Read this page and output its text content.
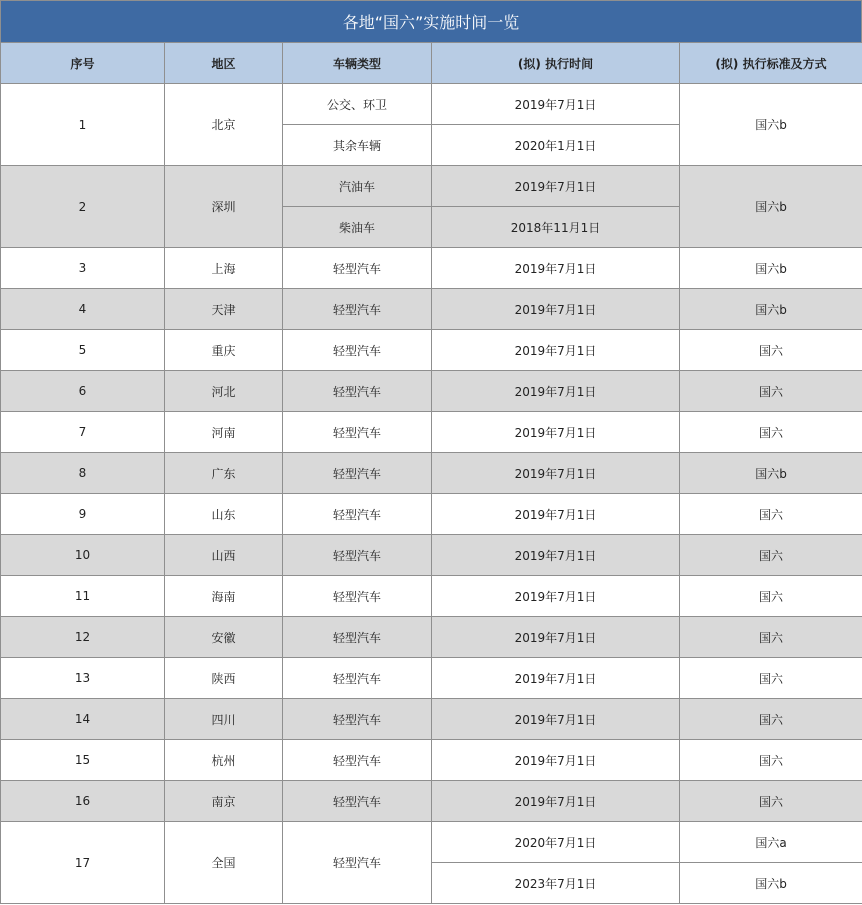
各地“国六”实施时间一览
序号	地区	车辆类型	(拟) 执行时间	(拟) 执行标准及方式
1	北京	公交、环卫	2019年7月1日	国六b
		其余车辆	2020年1月1日	
2	深圳	汽油车	2019年7月1日	国六b
		柴油车	2018年11月1日	
3	上海	轻型汽车	2019年7月1日	国六b
4	天津	轻型汽车	2019年7月1日	国六b
5	重庆	轻型汽车	2019年7月1日	国六
6	河北	轻型汽车	2019年7月1日	国六
7	河南	轻型汽车	2019年7月1日	国六
8	广东	轻型汽车	2019年7月1日	国六b
9	山东	轻型汽车	2019年7月1日	国六
10	山西	轻型汽车	2019年7月1日	国六
11	海南	轻型汽车	2019年7月1日	国六
12	安徽	轻型汽车	2019年7月1日	国六
13	陕西	轻型汽车	2019年7月1日	国六
14	四川	轻型汽车	2019年7月1日	国六
15	杭州	轻型汽车	2019年7月1日	国六
16	南京	轻型汽车	2019年7月1日	国六
17	全国	轻型汽车	2020年7月1日	国六a
			2023年7月1日	国六b
